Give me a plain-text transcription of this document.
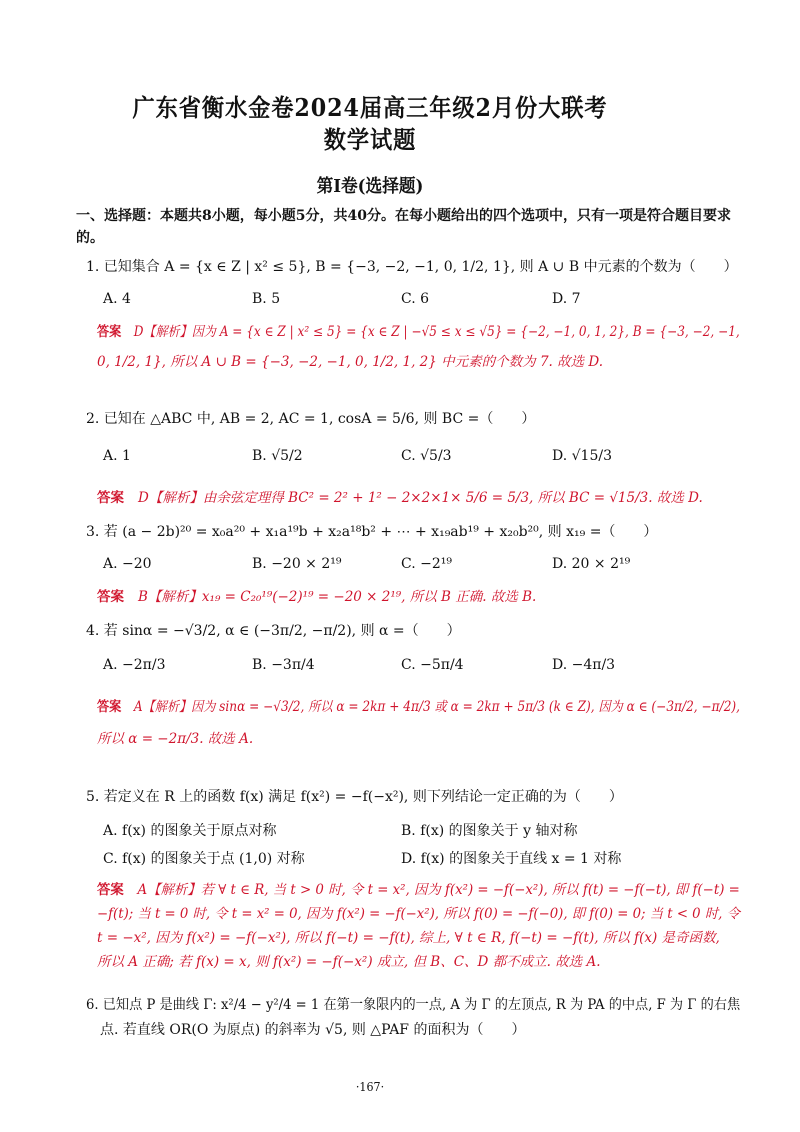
广东省衡水金卷2024届高三年级2月份大联考
数学试题
第I卷(选择题)
一、选择题：本题共8小题，每小题5分，共40分。在每小题给出的四个选项中，只有一项是符合题目要求
的。
1. 已知集合 A = {x ∈ Z | x² ≤ 5}, B = {−3, −2, −1, 0, 1/2, 1}, 则 A ∪ B 中元素的个数为（　　）
A. 4	B. 5	C. 6	D. 7
答案 D【解析】因为 A = {x ∈ Z | x² ≤ 5} = {x ∈ Z | −√5 ≤ x ≤ √5} = {−2, −1, 0, 1, 2}, B = {−3, −2, −1,
0, 1/2, 1}, 所以 A ∪ B = {−3, −2, −1, 0, 1/2, 1, 2} 中元素的个数为 7. 故选 D.
2. 已知在 △ABC 中, AB = 2, AC = 1, cosA = 5/6, 则 BC =（　　）
A. 1	B. √5/2	C. √5/3	D. √15/3
答案 D【解析】由余弦定理得 BC² = 2² + 1² − 2×2×1× 5/6 = 5/3, 所以 BC = √15/3. 故选 D.
3. 若 (a − 2b)²⁰ = x₀a²⁰ + x₁a¹⁹b + x₂a¹⁸b² + ⋯ + x₁₉ab¹⁹ + x₂₀b²⁰, 则 x₁₉ =（　　）
A. −20	B. −20 × 2¹⁹	C. −2¹⁹	D. 20 × 2¹⁹
答案 B【解析】x₁₉ = C₂₀¹⁹(−2)¹⁹ = −20 × 2¹⁹, 所以 B 正确. 故选 B.
4. 若 sinα = −√3/2, α ∈ (−3π/2, −π/2), 则 α =（　　）
A. −2π/3	B. −3π/4	C. −5π/4	D. −4π/3
答案 A【解析】因为 sinα = −√3/2, 所以 α = 2kπ + 4π/3 或 α = 2kπ + 5π/3 (k ∈ Z), 因为 α ∈ (−3π/2, −π/2),
所以 α = −2π/3. 故选 A.
5. 若定义在 R 上的函数 f(x) 满足 f(x²) = −f(−x²), 则下列结论一定正确的为（　　）
A. f(x) 的图象关于原点对称	B. f(x) 的图象关于 y 轴对称
C. f(x) 的图象关于点 (1,0) 对称	D. f(x) 的图象关于直线 x = 1 对称
答案 A【解析】若 ∀ t ∈ R, 当 t > 0 时, 令 t = x², 因为 f(x²) = −f(−x²), 所以 f(t) = −f(−t), 即 f(−t) =
−f(t); 当 t = 0 时, 令 t = x² = 0, 因为 f(x²) = −f(−x²), 所以 f(0) = −f(−0), 即 f(0) = 0; 当 t < 0 时, 令
t = −x², 因为 f(x²) = −f(−x²), 所以 f(−t) = −f(t), 综上, ∀ t ∈ R, f(−t) = −f(t), 所以 f(x) 是奇函数,
所以 A 正确; 若 f(x) = x, 则 f(x²) = −f(−x²) 成立, 但 B、C、D 都不成立. 故选 A.
6. 已知点 P 是曲线 Γ: x²/4 − y²/4 = 1 在第一象限内的一点, A 为 Γ 的左顶点, R 为 PA 的中点, F 为 Γ 的右焦
点. 若直线 OR(O 为原点) 的斜率为 √5, 则 △PAF 的面积为（　　）
·167·
